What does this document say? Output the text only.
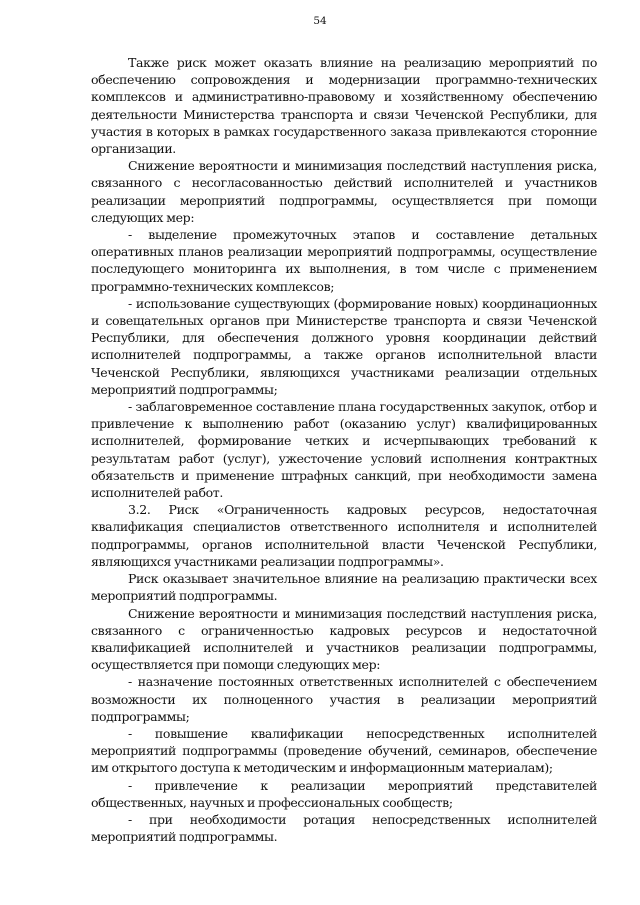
54

Также риск может оказать влияние на реализацию мероприятий по обеспечению сопровождения и модернизации программно-технических комплексов и административно-правовому и хозяйственному обеспечению деятельности Министерства транспорта и связи Чеченской Республики, для участия в которых в рамках государственного заказа привлекаются сторонние организации.

Снижение вероятности и минимизация последствий наступления риска, связанного с несогласованностью действий исполнителей и участников реализации мероприятий подпрограммы, осуществляется при помощи следующих мер:

- выделение промежуточных этапов и составление детальных оперативных планов реализации мероприятий подпрограммы, осуществление последующего мониторинга их выполнения, в том числе с применением программно-технических комплексов;

- использование существующих (формирование новых) координационных и совещательных органов при Министерстве транспорта и связи Чеченской Республики, для обеспечения должного уровня координации действий исполнителей подпрограммы, а также органов исполнительной власти Чеченской Республики, являющихся участниками реализации отдельных мероприятий подпрограммы;

- заблаговременное составление плана государственных закупок, отбор и привлечение к выполнению работ (оказанию услуг) квалифицированных исполнителей, формирование четких и исчерпывающих требований к результатам работ (услуг), ужесточение условий исполнения контрактных обязательств и применение штрафных санкций, при необходимости замена исполнителей работ.

3.2. Риск «Ограниченность кадровых ресурсов, недостаточная квалификация специалистов ответственного исполнителя и исполнителей подпрограммы, органов исполнительной власти Чеченской Республики, являющихся участниками реализации подпрограммы».

Риск оказывает значительное влияние на реализацию практически всех мероприятий подпрограммы.

Снижение вероятности и минимизация последствий наступления риска, связанного с ограниченностью кадровых ресурсов и недостаточной квалификацией исполнителей и участников реализации подпрограммы, осуществляется при помощи следующих мер:

- назначение постоянных ответственных исполнителей с обеспечением возможности их полноценного участия в реализации мероприятий подпрограммы;

- повышение квалификации непосредственных исполнителей мероприятий подпрограммы (проведение обучений, семинаров, обеспечение им открытого доступа к методическим и информационным материалам);

- привлечение к реализации мероприятий представителей общественных, научных и профессиональных сообществ;

- при необходимости ротация непосредственных исполнителей мероприятий подпрограммы.
